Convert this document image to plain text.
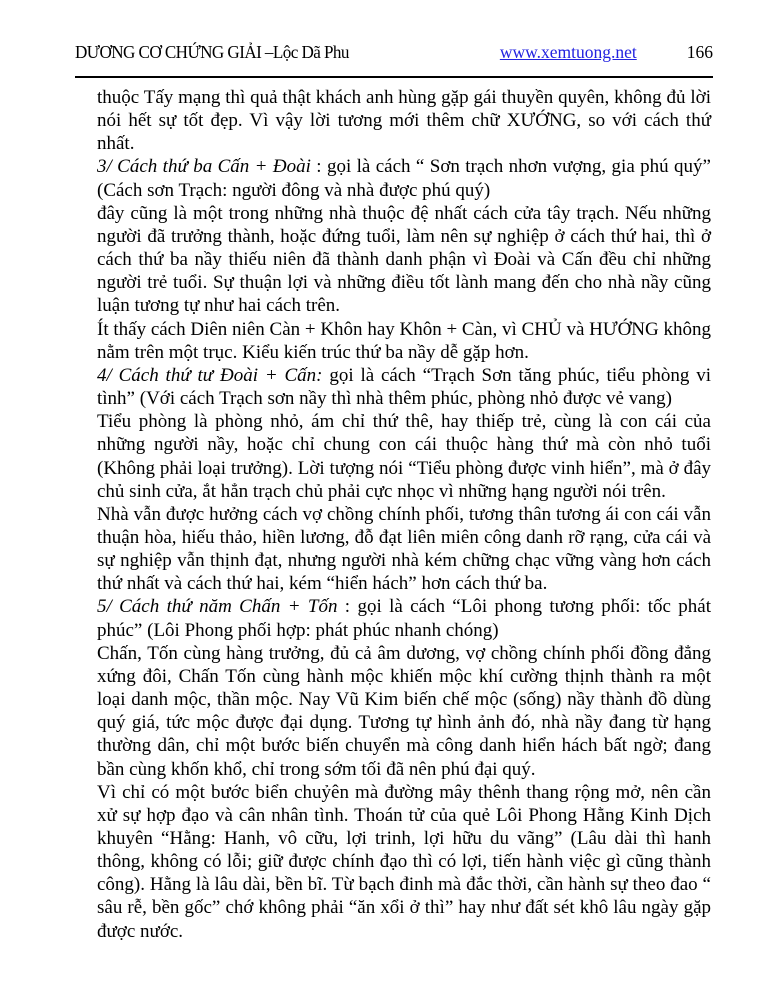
DƯƠNG CƠ CHỨNG GIẢI –Lộc Dã Phu	www.xemtuong.net	166

thuộc Tấy mạng thì quả thật khách anh hùng gặp gái thuyền quyên, không đủ lời nói hết sự tốt đẹp. Vì vậy lời tương mới thêm chữ XƯỚNG, so với cách thứ nhất.

3/ Cách thứ ba Cấn + Đoài : gọi là cách “ Sơn trạch nhơn vượng, gia phú quý” (Cách sơn Trạch: người đông và nhà được phú quý)

đây cũng là một trong những nhà thuộc đệ nhất cách cửa tây trạch. Nếu những người đã trưởng thành, hoặc đứng tuổi, làm nên sự nghiệp ở cách thứ hai, thì ở cách thứ ba nầy thiếu niên đã thành danh phận vì Đoài và Cấn đều chỉ những người trẻ tuổi. Sự thuận lợi và những điều tốt lành mang đến cho nhà nầy cũng luận tương tự như hai cách trên.

Ít thấy cách Diên niên Càn + Khôn hay Khôn + Càn, vì CHỦ và HƯỚNG không nằm trên một trục. Kiểu kiến trúc thứ ba nầy dễ gặp hơn.

4/ Cách thứ tư Đoài + Cấn: gọi là cách “Trạch Sơn tăng phúc, tiểu phòng vi tình” (Với cách Trạch sơn nầy thì nhà thêm phúc, phòng nhỏ được vẻ vang)

Tiểu phòng là phòng nhỏ, ám chỉ thứ thê, hay thiếp trẻ, cùng là con cái của những người nầy, hoặc chỉ chung con cái thuộc hàng thứ mà còn nhỏ tuổi (Không phải loại trưởng). Lời tượng nói “Tiểu phòng được vinh hiển”, mà ở đây chủ sinh cửa, ắt hẳn trạch chủ phải cực nhọc vì những hạng người nói trên.

Nhà vẫn được hưởng cách vợ chồng chính phối, tương thân tương ái con cái vẫn thuận hòa, hiếu thảo, hiền lương, đỗ đạt liên miên công danh rỡ rạng, cửa cái và sự nghiệp vẫn thịnh đạt, nhưng người nhà kém chững chạc vững vàng hơn cách thứ nhất và cách thứ hai, kém “hiển hách” hơn cách thứ ba.

5/ Cách thứ năm Chấn + Tốn : gọi là cách “Lôi phong tương phối: tốc phát phúc” (Lôi Phong phối hợp: phát phúc nhanh chóng)

Chấn, Tốn cùng hàng trưởng, đủ cả âm dương, vợ chồng chính phối đồng đẳng xứng đôi, Chấn Tốn cùng hành mộc khiến mộc khí cường thịnh thành ra một loại danh mộc, thần mộc. Nay Vũ Kim biến chế mộc (sống) nầy thành đồ dùng quý giá, tức mộc được đại dụng. Tương tự hình ảnh đó, nhà nầy đang từ hạng thường dân, chỉ một bước biến chuyển mà công danh hiển hách bất ngờ; đang bần cùng khốn khổ, chỉ trong sớm tối đã nên phú đại quý.

Vì chỉ có một bước biển chuỷên mà đường mây thênh thang rộng mở, nên cần xử sự hợp đạo và cân nhân tình. Thoán tử của quẻ Lôi Phong Hằng Kinh Dịch khuyên “Hằng: Hanh, vô cữu, lợi trinh, lợi hữu du vãng” (Lâu dài thì hanh thông, không có lỗi; giữ được chính đạo thì có lợi, tiến hành việc gì cũng thành công). Hằng là lâu dài, bền bĩ. Từ bạch đinh mà đắc thời, cần hành sự theo đao “ sâu rễ, bền gốc” chớ không phải “ăn xổi ở thì” hay như đất sét khô lâu ngày gặp được nước.
